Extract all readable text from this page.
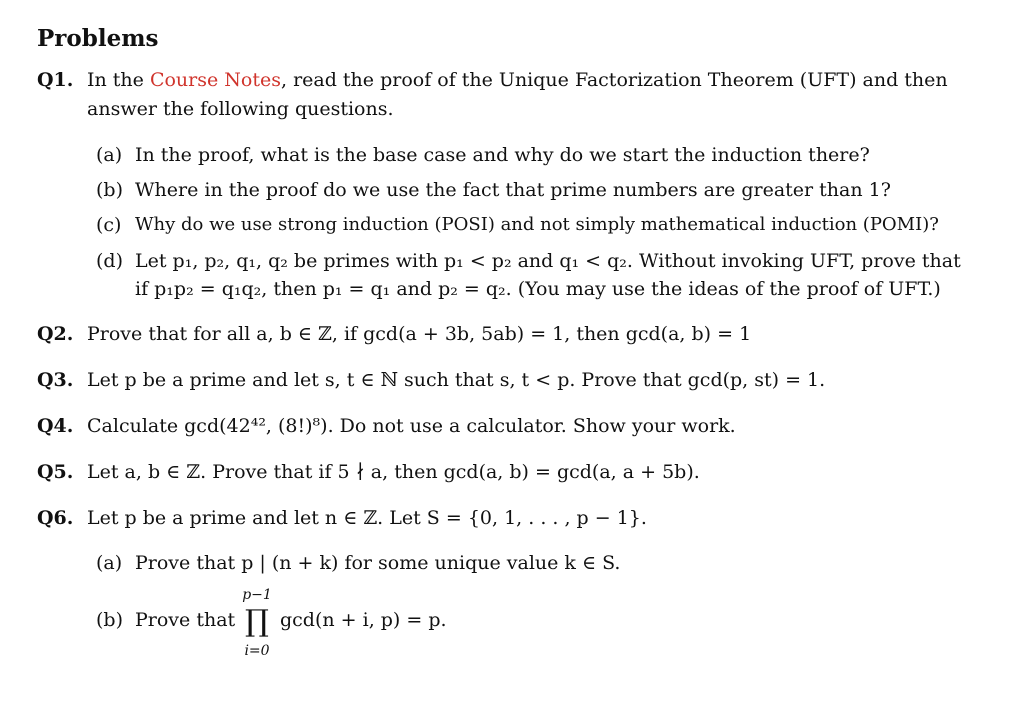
Problems
Q1. In the Course Notes, read the proof of the Unique Factorization Theorem (UFT) and then
answer the following questions.
(a) In the proof, what is the base case and why do we start the induction there?
(b) Where in the proof do we use the fact that prime numbers are greater than 1?
(c) Why do we use strong induction (POSI) and not simply mathematical induction (POMI)?
(d) Let p₁, p₂, q₁, q₂ be primes with p₁ < p₂ and q₁ < q₂. Without invoking UFT, prove that
if p₁p₂ = q₁q₂, then p₁ = q₁ and p₂ = q₂. (You may use the ideas of the proof of UFT.)
Q2. Prove that for all a, b ∈ ℤ, if gcd(a + 3b, 5ab) = 1, then gcd(a, b) = 1
Q3. Let p be a prime and let s, t ∈ ℕ such that s, t < p. Prove that gcd(p, st) = 1.
Q4. Calculate gcd(42⁴², (8!)⁸). Do not use a calculator. Show your work.
Q5. Let a, b ∈ ℤ. Prove that if 5 ∤ a, then gcd(a, b) = gcd(a, a + 5b).
Q6. Let p be a prime and let n ∈ ℤ. Let S = {0, 1, . . . , p − 1}.
(a) Prove that p | (n + k) for some unique value k ∈ S.
(b) Prove that
p−1
∏
i=0
gcd(n + i, p) = p.
